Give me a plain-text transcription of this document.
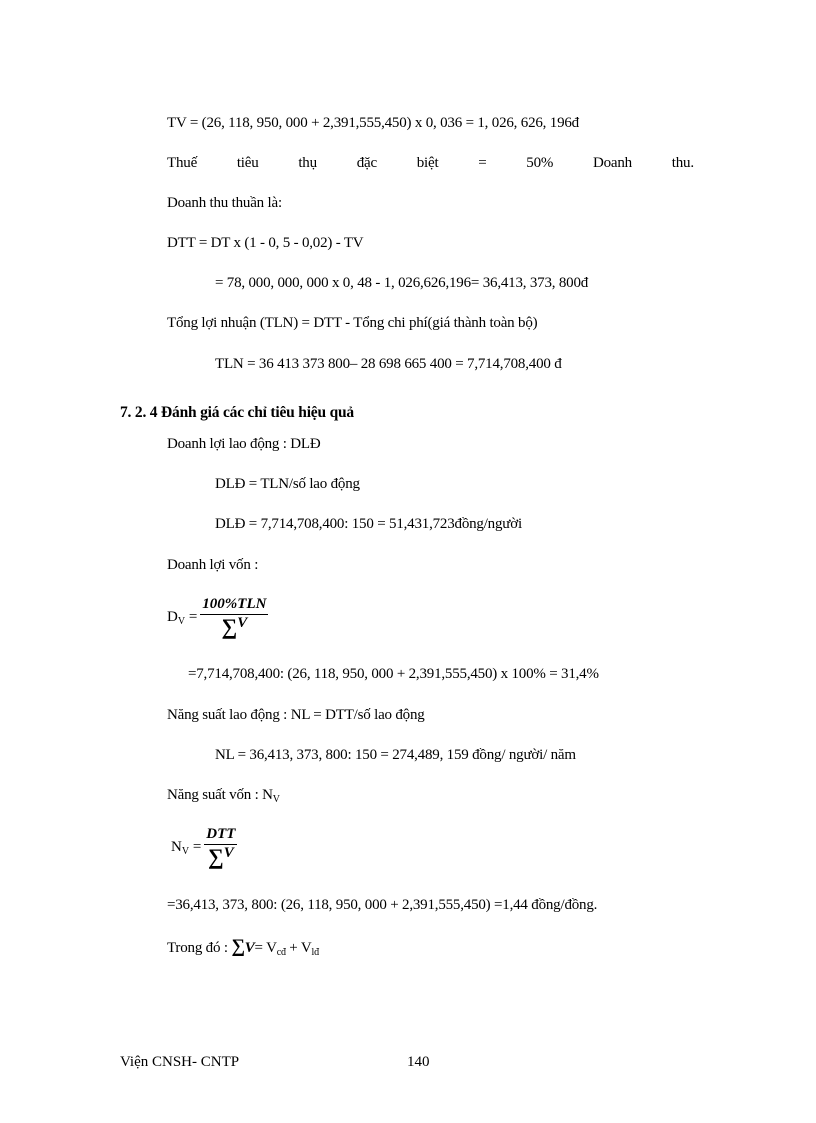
TV = (26, 118, 950, 000 + 2,391,555,450) x 0, 036 = 1, 026, 626, 196đ
Thuế	tiêu	thụ	đặc	biệt	=	50%	Doanh	thu.
Doanh thu thuần là:
DTT = DT x (1 - 0, 5 - 0,02) - TV
= 78, 000, 000, 000 x 0, 48 - 1, 026,626,196= 36,413, 373, 800đ
Tổng lợi nhuận (TLN) = DTT - Tổng chi phí(giá thành toàn bộ)
TLN = 36 413 373 800– 28 698 665 400 = 7,714,708,400 đ
7. 2. 4 Đánh giá các chỉ tiêu hiệu quả
Doanh lợi lao động : DLĐ
DLĐ = TLN/số lao động
DLĐ = 7,714,708,400: 150 = 51,431,723đồng/người
Doanh lợi vốn :
$D_V = \frac{\text{100\%TLN}}{\sum V}$
=7,714,708,400: (26, 118, 950, 000 + 2,391,555,450) x 100% = 31,4%
Năng suất lao động : NL = DTT/số lao động
NL = 36,413, 373, 800: 150 = 274,489, 159 đồng/ người/ năm
Năng suất vốn : $N_V$
$N_V = \frac{\text{DTT}}{\sum V}$
=36,413, 373, 800: (26, 118, 950, 000 + 2,391,555,450) =1,44 đồng/đồng.
Trong đó : $\sum V= V_{cđ} + V_{lđ}$
Viện CNSH- CNTP	140
